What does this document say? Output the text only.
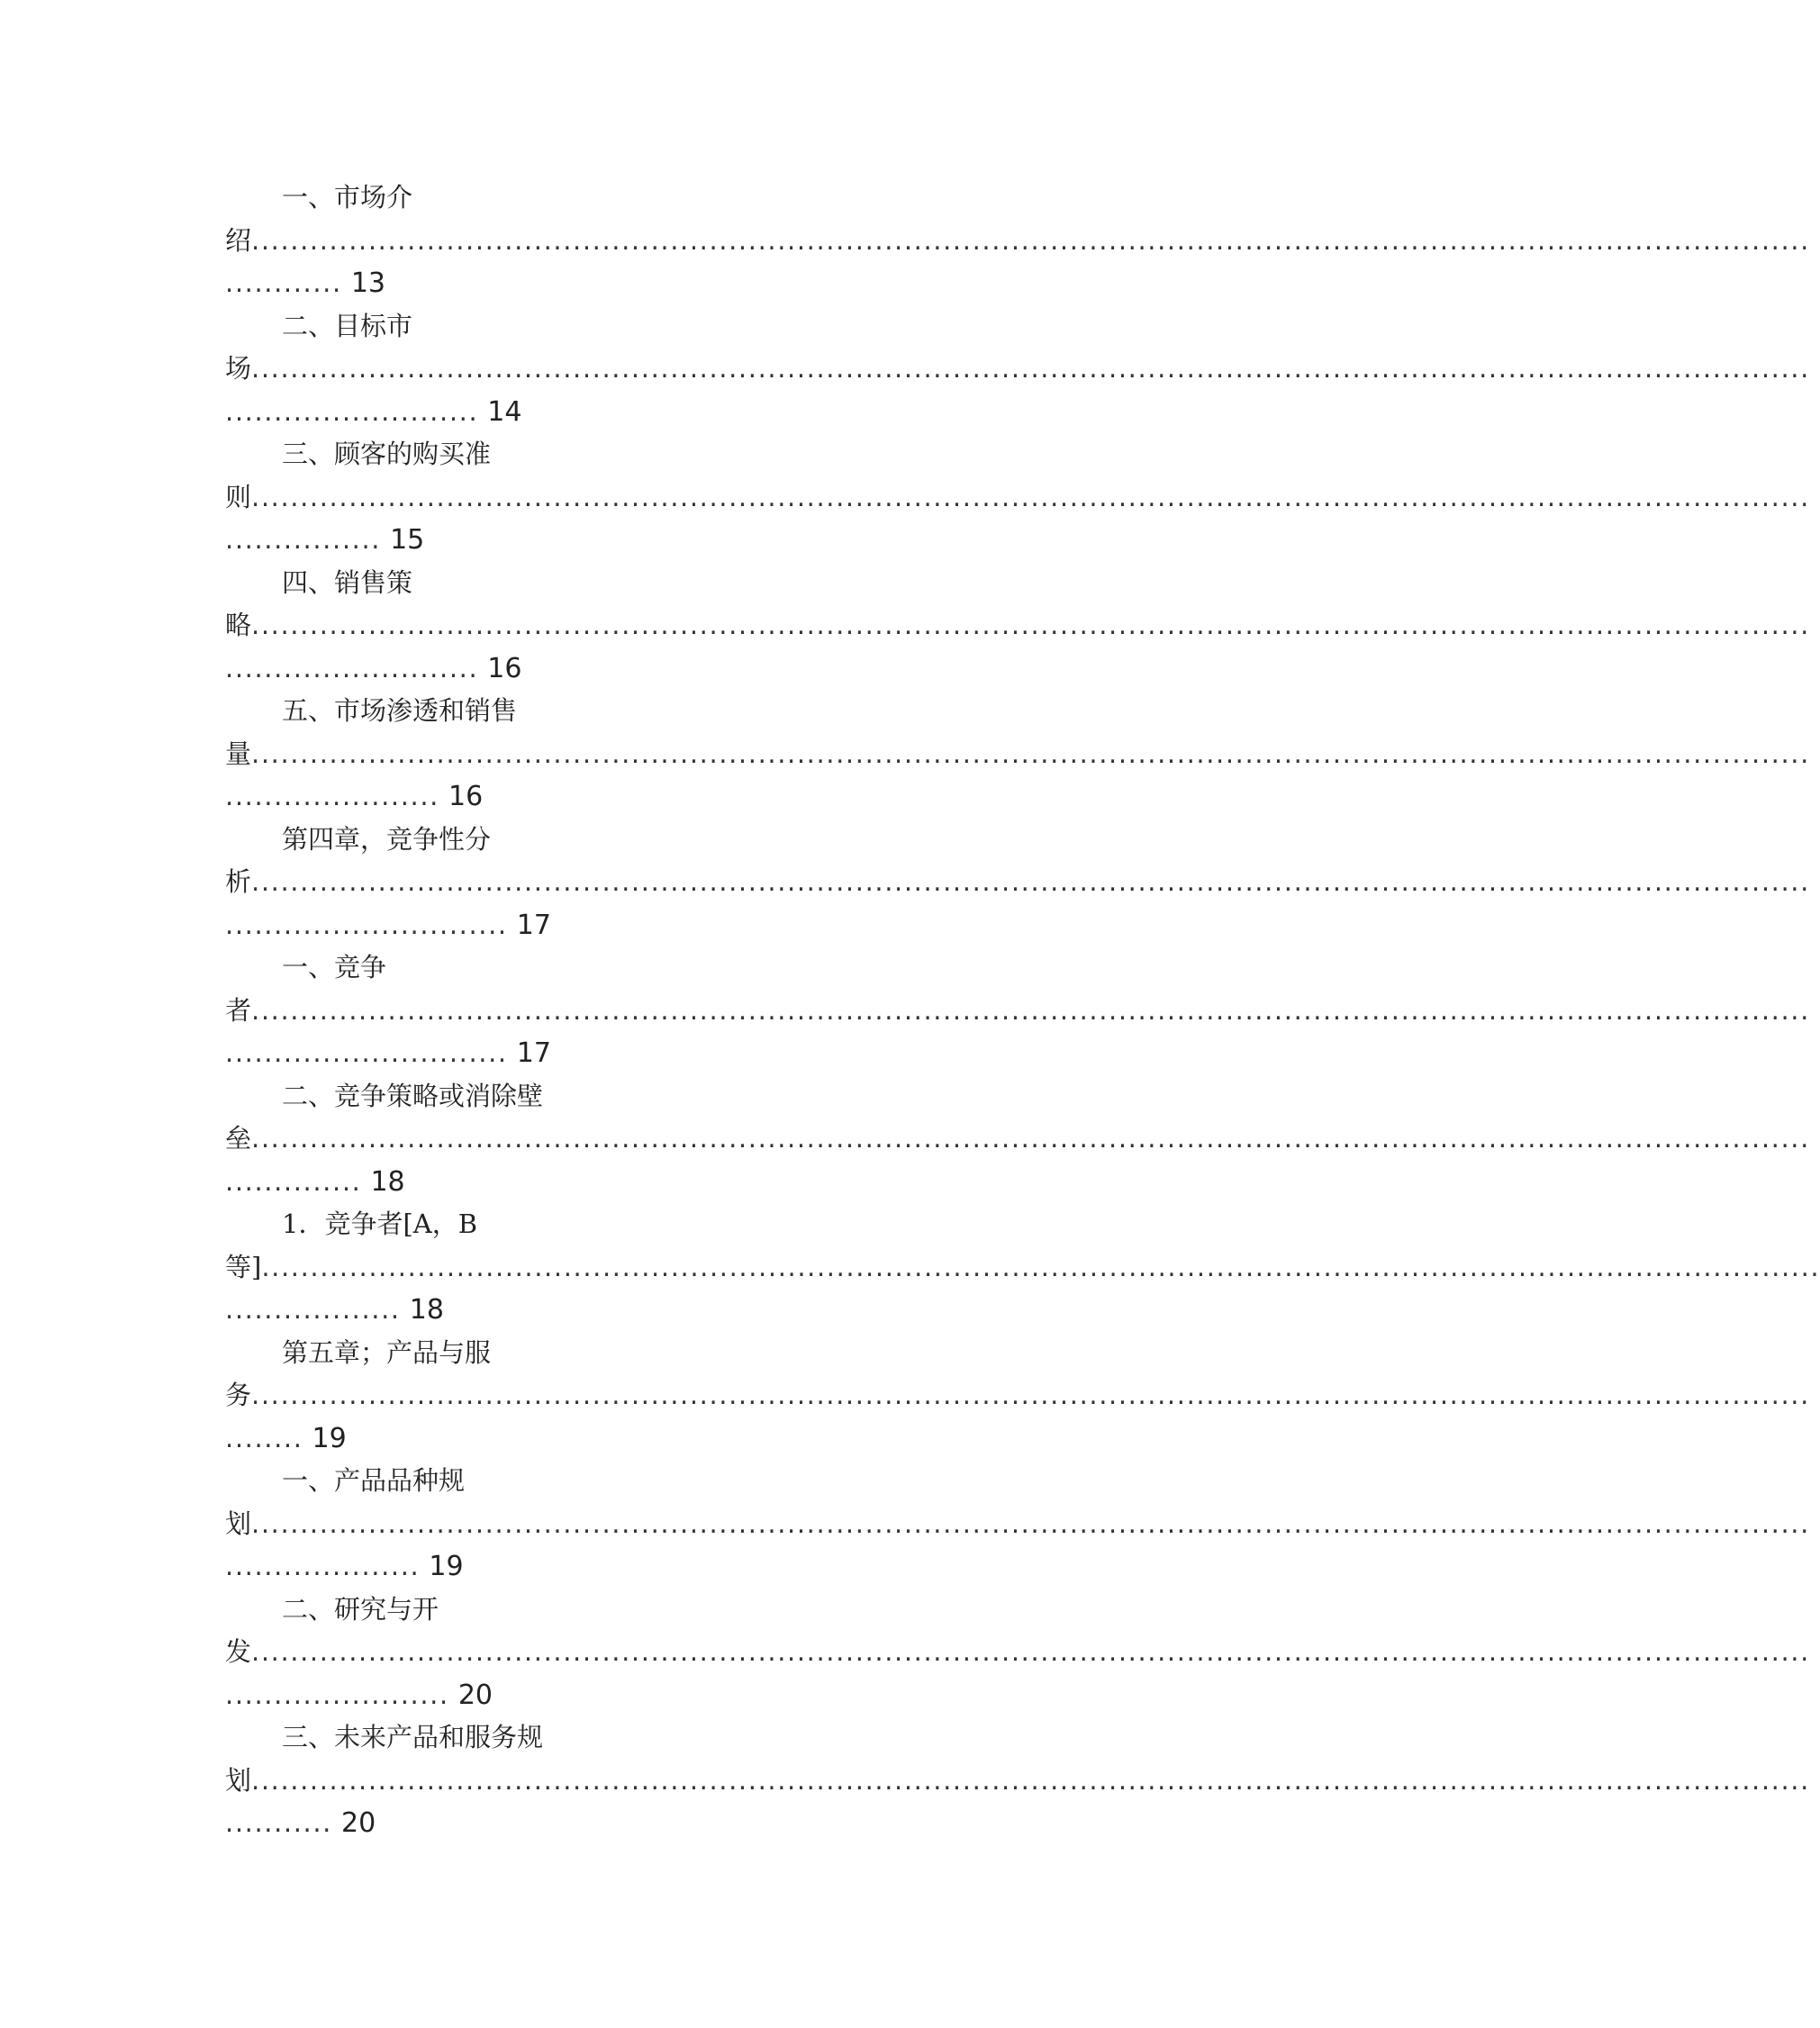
一、市场介
绍................................................................................................................................................................
............ 13
二、目标市
场................................................................................................................................................................
.......................... 14
三、顾客的购买准
则................................................................................................................................................................
................ 15
四、销售策
略................................................................................................................................................................
.......................... 16
五、市场渗透和销售
量................................................................................................................................................................
...................... 16
第四章，竞争性分
析................................................................................................................................................................
............................. 17
一、竞争
者................................................................................................................................................................
............................. 17
二、竞争策略或消除壁
垒................................................................................................................................................................
.............. 18
1．竞争者[A，B
等]................................................................................................................................................................
.................. 18
第五章；产品与服
务................................................................................................................................................................
........ 19
一、产品品种规
划................................................................................................................................................................
.................... 19
二、研究与开
发................................................................................................................................................................
....................... 20
三、未来产品和服务规
划................................................................................................................................................................
........... 20
